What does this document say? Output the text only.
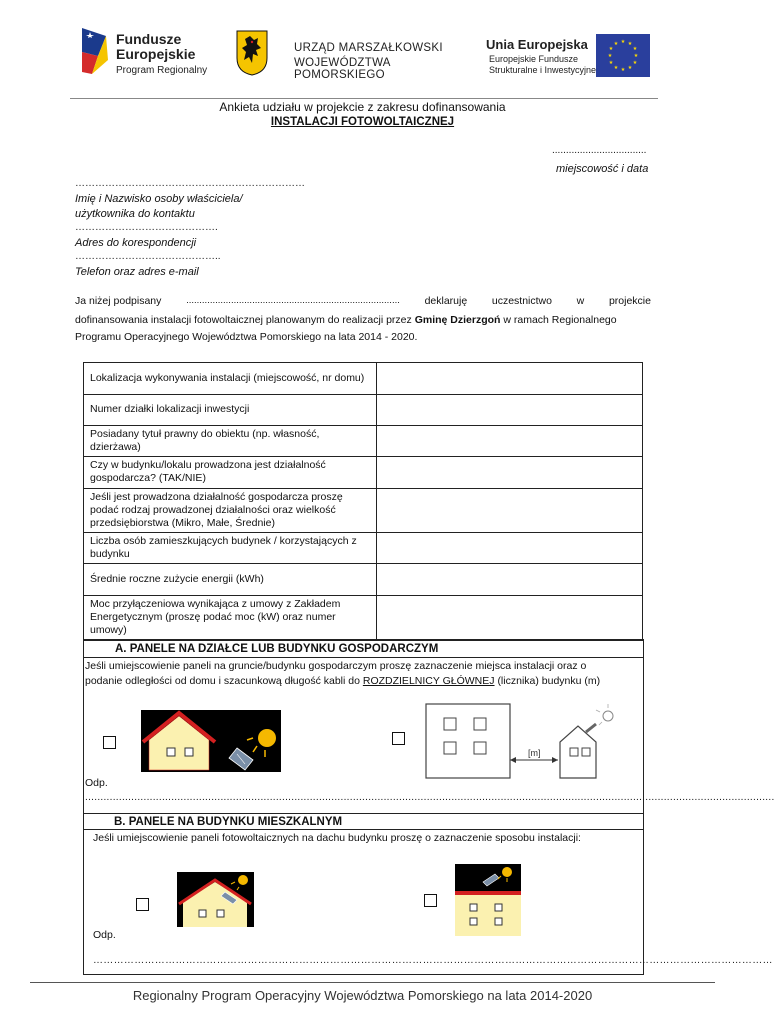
Fundusze
Europejskie
Program Regionalny
URZĄD MARSZAŁKOWSKI
WOJEWÓDZTWA POMORSKIEGO
Unia Europejska
Europejskie Fundusze
Strukturalne i Inwestycyjne
★ ★
★
★
★
★
★
★
★
★
★
★
Ankieta udziału w projekcie z zakresu dofinansowania
INSTALACJI FOTOWOLTAICZNEJ
..................................
miejscowość i data
……………………………………………………………
Imię i Nazwisko osoby właściciela/
użytkownika do kontaktu
…………………………………….
Adres do korespondencji
……………………………………..
Telefon oraz adres e-mail
Ja niżej podpisany	................................................................................. deklaruję uczestnictwo w projekcie
dofinansowania instalacji fotowoltaicznej planowanym do realizacji przez Gminę Dzierzgoń w ramach Regionalnego
Programu Operacyjnego Województwa Pomorskiego na lata 2014 - 2020.
Lokalizacja wykonywania instalacji (miejscowość, nr domu)	
Numer działki lokalizacji inwestycji	
Posiadany tytuł prawny do obiektu (np. własność, dzierżawa)	
Czy w budynku/lokalu prowadzona jest działalność gospodarcza? (TAK/NIE)	
Jeśli jest prowadzona działalność gospodarcza proszę podać rodzaj prowadzonej działalności oraz wielkość przedsiębiorstwa (Mikro, Małe, Średnie)	
Liczba osób zamieszkujących budynek / korzystających z budynku	
Średnie roczne zużycie energii (kWh)	
Moc przyłączeniowa wynikająca z umowy z Zakładem Energetycznym (proszę podać moc (kW) oraz numer umowy)	
A. PANELE NA DZIAŁCE LUB BUDYNKU GOSPODARCZYM
Jeśli umiejscowienie paneli na gruncie/budynku gospodarczym proszę zaznaczenie miejsca instalacji oraz o
podanie odległości od domu i szacunkową długość kabli do ROZDZIELNICY GŁÓWNEJ (licznika) budynku (m)
[m]
Odp.
................................................................................................................................................................................................................................
B. PANELE NA BUDYNKU MIESZKALNYM
Jeśli umiejscowienie paneli fotowoltaicznych na dachu budynku proszę o zaznaczenie sposobu instalacji:
Odp.
………………………………………………………………………………………………………………………………………………………………………………
Regionalny Program Operacyjny Województwa Pomorskiego na lata 2014-2020
